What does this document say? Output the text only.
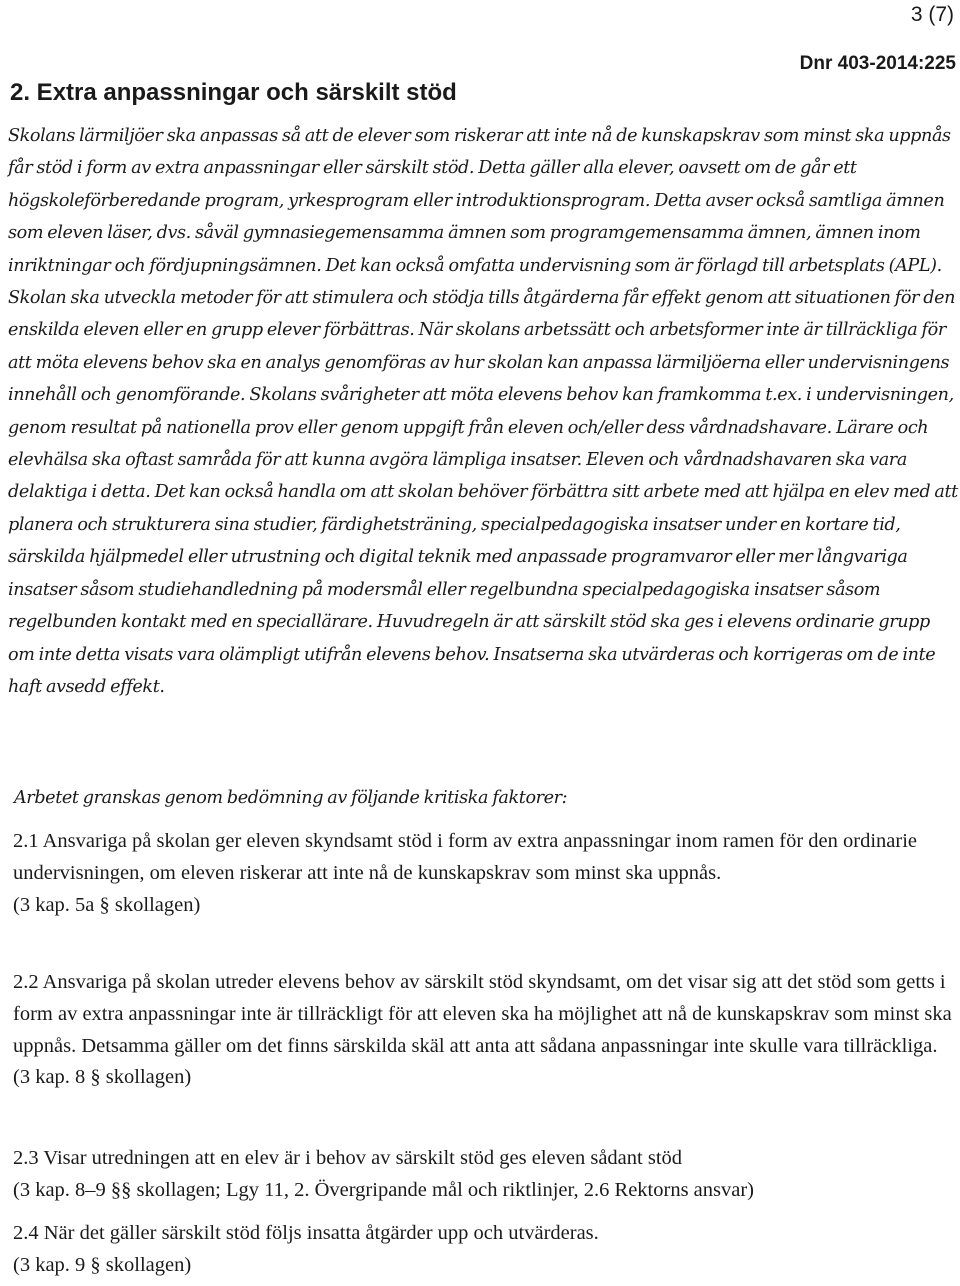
3 (7)
Dnr 403-2014:225
2. Extra anpassningar och särskilt stöd

Skolans lärmiljöer ska anpassas så att de elever som riskerar att inte nå de kunskapskrav som minst ska uppnås får stöd i form av extra anpassningar eller särskilt stöd. Detta gäller alla elever, oavsett om de går ett högskoleförberedande program, yrkesprogram eller introduktionsprogram. Detta avser också samtliga ämnen som eleven läser, dvs. såväl gymnasiegemensamma ämnen som programgemensamma ämnen, ämnen inom inriktningar och fördjupningsämnen. Det kan också omfatta undervisning som är förlagd till arbetsplats (APL). Skolan ska utveckla metoder för att stimulera och stödja tills åtgärderna får effekt genom att situationen för den enskilda eleven eller en grupp elever förbättras. När skolans arbetssätt och arbetsformer inte är tillräckliga för att möta elevens behov ska en analys genomföras av hur skolan kan anpassa lärmiljöerna eller undervisningens innehåll och genomförande. Skolans svårigheter att möta elevens behov kan framkomma t.ex. i undervisningen, genom resultat på nationella prov eller genom uppgift från eleven och/eller dess vårdnadshavare. Lärare och elevhälsa ska oftast samråda för att kunna avgöra lämpliga insatser. Eleven och vårdnadshavaren ska vara delaktiga i detta. Det kan också handla om att skolan behöver förbättra sitt arbete med att hjälpa en elev med att planera och strukturera sina studier, färdighetsträning, specialpedagogiska insatser under en kortare tid, särskilda hjälpmedel eller utrustning och digital teknik med anpassade programvaror eller mer långvariga insatser såsom studiehandledning på modersmål eller regelbundna specialpedagogiska insatser såsom regelbunden kontakt med en speciallärare. Huvudregeln är att särskilt stöd ska ges i elevens ordinarie grupp om inte detta visats vara olämpligt utifrån elevens behov. Insatserna ska utvärderas och korrigeras om de inte haft avsedd effekt.

Arbetet granskas genom bedömning av följande kritiska faktorer:

2.1 Ansvariga på skolan ger eleven skyndsamt stöd i form av extra anpassningar inom ramen för den ordinarie undervisningen, om eleven riskerar att inte nå de kunskapskrav som minst ska uppnås.
(3 kap. 5a § skollagen)
2.2 Ansvariga på skolan utreder elevens behov av särskilt stöd skyndsamt, om det visar sig att det stöd som getts i form av extra anpassningar inte är tillräckligt för att eleven ska ha möjlighet att nå de kunskapskrav som minst ska uppnås. Detsamma gäller om det finns särskilda skäl att anta att sådana anpassningar inte skulle vara tillräckliga.
(3 kap. 8 § skollagen)
2.3 Visar utredningen att en elev är i behov av särskilt stöd ges eleven sådant stöd
(3 kap. 8–9 §§ skollagen; Lgy 11, 2. Övergripande mål och riktlinjer, 2.6 Rektorns ansvar)
2.4 När det gäller särskilt stöd följs insatta åtgärder upp och utvärderas.
(3 kap. 9 § skollagen)
